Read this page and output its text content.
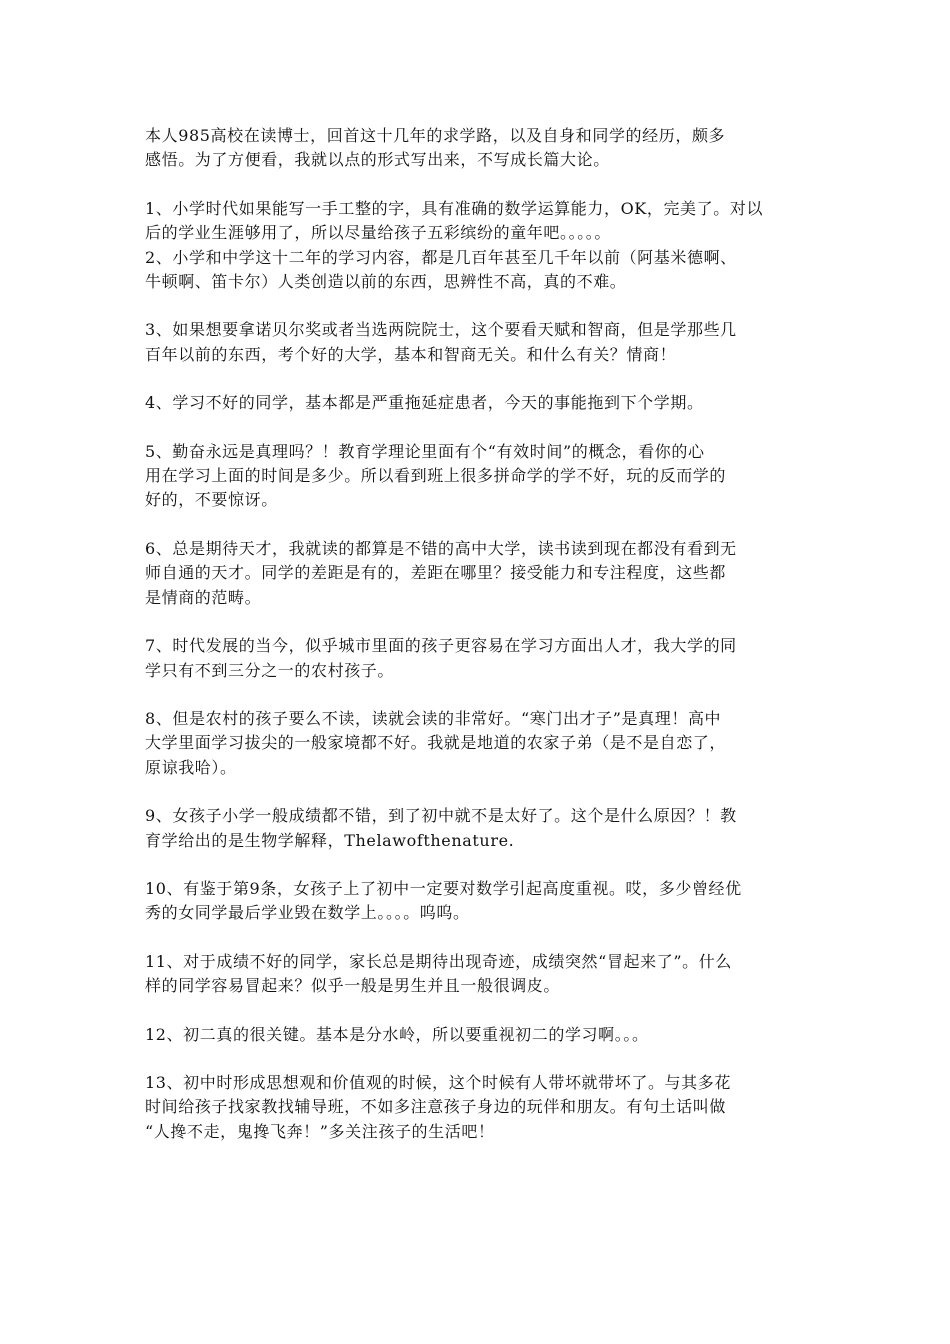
本人985高校在读博士，回首这十几年的求学路，以及自身和同学的经历，颇多
感悟。为了方便看，我就以点的形式写出来，不写成长篇大论。
1、小学时代如果能写一手工整的字，具有准确的数学运算能力，OK，完美了。对以
后的学业生涯够用了，所以尽量给孩子五彩缤纷的童年吧。。。。。
2、小学和中学这十二年的学习内容，都是几百年甚至几千年以前（阿基米德啊、
牛顿啊、笛卡尔）人类创造以前的东西，思辨性不高，真的不难。
3、如果想要拿诺贝尔奖或者当选两院院士，这个要看天赋和智商，但是学那些几
百年以前的东西，考个好的大学，基本和智商无关。和什么有关？情商！
4、学习不好的同学，基本都是严重拖延症患者，今天的事能拖到下个学期。
5、勤奋永远是真理吗？！教育学理论里面有个“有效时间”的概念，看你的心
用在学习上面的时间是多少。所以看到班上很多拼命学的学不好，玩的反而学的
好的，不要惊讶。
6、总是期待天才，我就读的都算是不错的高中大学，读书读到现在都没有看到无
师自通的天才。同学的差距是有的，差距在哪里？接受能力和专注程度，这些都
是情商的范畴。
7、时代发展的当今，似乎城市里面的孩子更容易在学习方面出人才，我大学的同
学只有不到三分之一的农村孩子。
8、但是农村的孩子要么不读，读就会读的非常好。“寒门出才子”是真理！高中
大学里面学习拔尖的一般家境都不好。我就是地道的农家子弟（是不是自恋了，
原谅我哈）。
9、女孩子小学一般成绩都不错，到了初中就不是太好了。这个是什么原因？！教
育学给出的是生物学解释，Thelawofthenature.
10、有鉴于第9条，女孩子上了初中一定要对数学引起高度重视。哎，多少曾经优
秀的女同学最后学业毁在数学上。。。。呜呜。
11、对于成绩不好的同学，家长总是期待出现奇迹，成绩突然“冒起来了”。什么
样的同学容易冒起来？似乎一般是男生并且一般很调皮。
12、初二真的很关键。基本是分水岭，所以要重视初二的学习啊。。。
13、初中时形成思想观和价值观的时候，这个时候有人带坏就带坏了。与其多花
时间给孩子找家教找辅导班，不如多注意孩子身边的玩伴和朋友。有句土话叫做
“人搀不走，鬼搀飞奔！”多关注孩子的生活吧！
